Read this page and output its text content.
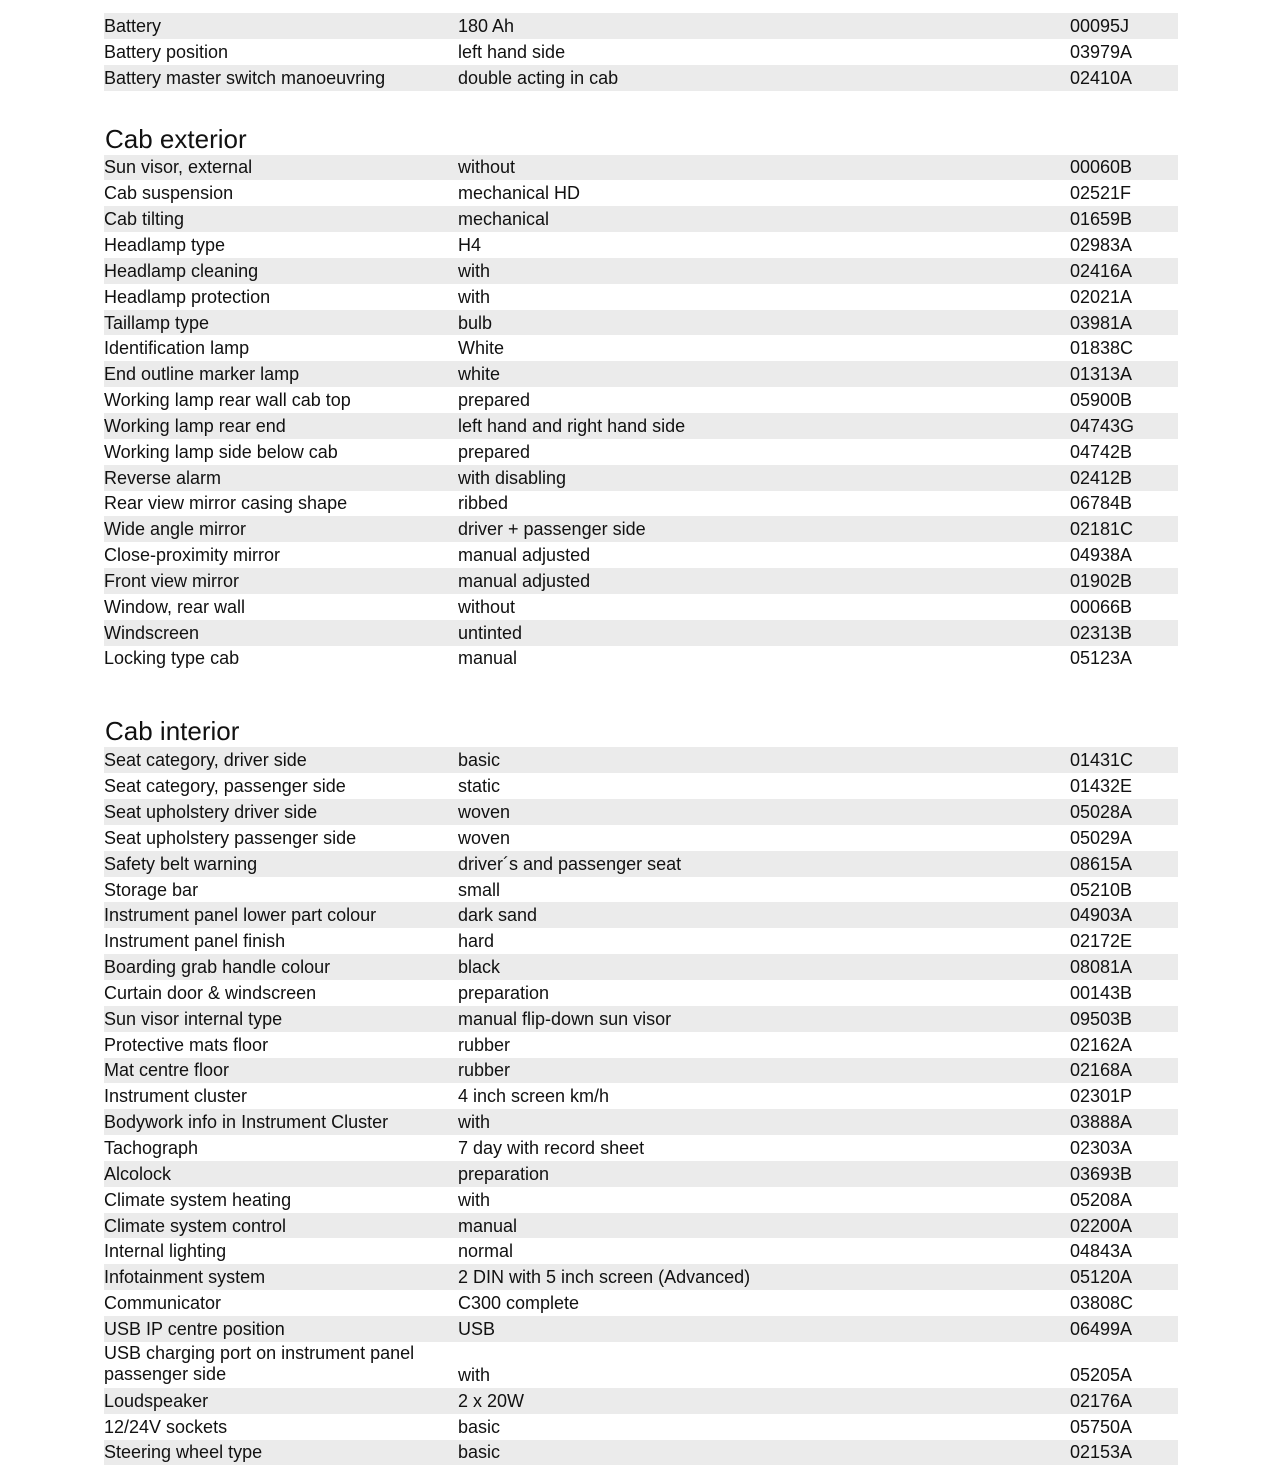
Battery	180 Ah	00095J
Battery position	left hand side	03979A
Battery master switch manoeuvring	double acting in cab	02410A
Cab exterior
Sun visor, external	without	00060B
Cab suspension	mechanical HD	02521F
Cab tilting	mechanical	01659B
Headlamp type	H4	02983A
Headlamp cleaning	with	02416A
Headlamp protection	with	02021A
Taillamp type	bulb	03981A
Identification lamp	White	01838C
End outline marker lamp	white	01313A
Working lamp rear wall cab top	prepared	05900B
Working lamp rear end	left hand and right hand side	04743G
Working lamp side below cab	prepared	04742B
Reverse alarm	with disabling	02412B
Rear view mirror casing shape	ribbed	06784B
Wide angle mirror	driver + passenger side	02181C
Close-proximity mirror	manual adjusted	04938A
Front view mirror	manual adjusted	01902B
Window, rear wall	without	00066B
Windscreen	untinted	02313B
Locking type cab	manual	05123A
Cab interior
Seat category, driver side	basic	01431C
Seat category, passenger side	static	01432E
Seat upholstery driver side	woven	05028A
Seat upholstery passenger side	woven	05029A
Safety belt warning	driver´s and passenger seat	08615A
Storage bar	small	05210B
Instrument panel lower part colour	dark sand	04903A
Instrument panel finish	hard	02172E
Boarding grab handle colour	black	08081A
Curtain door & windscreen	preparation	00143B
Sun visor internal type	manual flip-down sun visor	09503B
Protective mats floor	rubber	02162A
Mat centre floor	rubber	02168A
Instrument cluster	4 inch screen km/h	02301P
Bodywork info in Instrument Cluster	with	03888A
Tachograph	7 day with record sheet	02303A
Alcolock	preparation	03693B
Climate system heating	with	05208A
Climate system control	manual	02200A
Internal lighting	normal	04843A
Infotainment system	2 DIN with 5 inch screen (Advanced)	05120A
Communicator	C300 complete	03808C
USB IP centre position	USB	06499A
USB charging port on instrument panel passenger side	with	05205A
Loudspeaker	2 x 20W	02176A
12/24V sockets	basic	05750A
Steering wheel type	basic	02153A
